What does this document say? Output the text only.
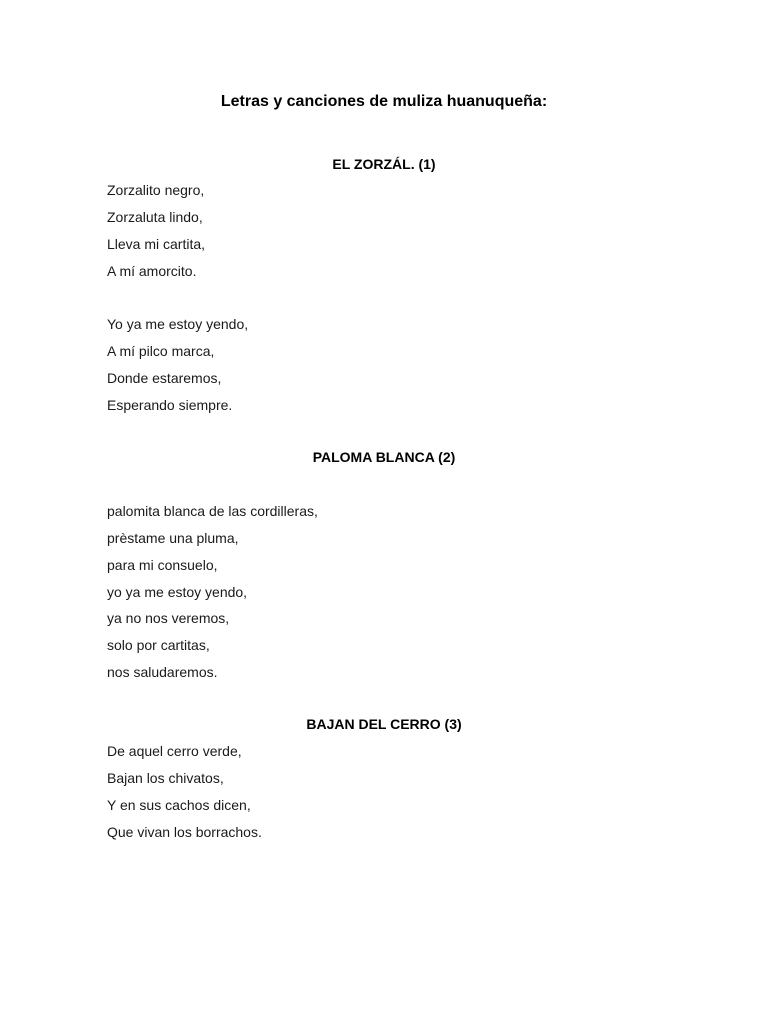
Letras y canciones de muliza huanuqueña:
EL ZORZÁL. (1)
Zorzalito negro,
Zorzaluta lindo,
Lleva mi cartita,
A mí amorcito.
Yo ya me estoy yendo,
A mí pilco marca,
Donde estaremos,
Esperando siempre.
PALOMA BLANCA (2)
palomita blanca de las cordilleras,
prèstame una pluma,
para mi consuelo,
yo ya me estoy yendo,
ya no nos veremos,
solo por cartitas,
nos saludaremos.
BAJAN DEL CERRO (3)
De aquel cerro verde,
Bajan los chivatos,
Y en sus cachos dicen,
Que vivan los borrachos.
